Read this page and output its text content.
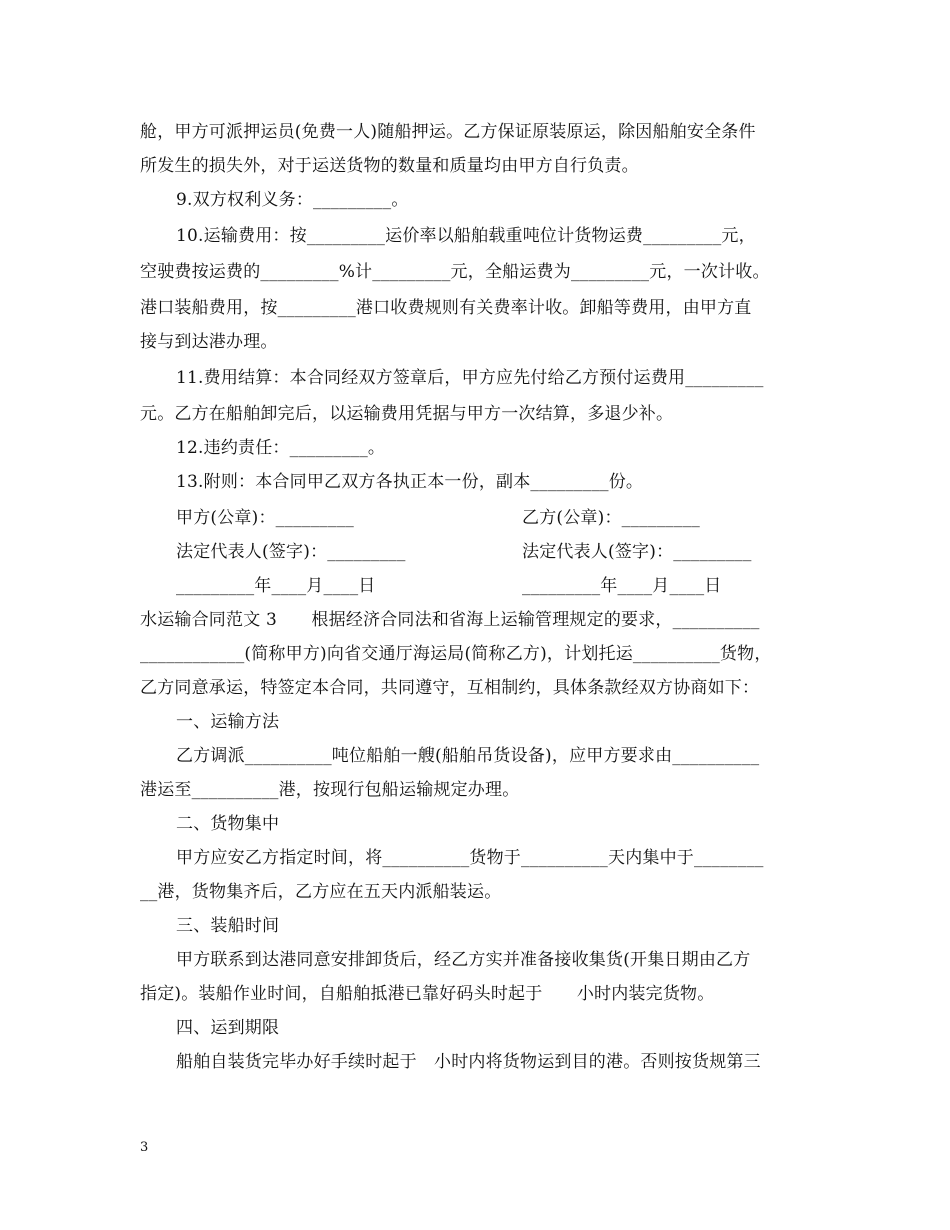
舱，甲方可派押运员(免费一人)随船押运。乙方保证原装原运，除因船舶安全条件
所发生的损失外，对于运送货物的数量和质量均由甲方自行负责。
9.双方权利义务：_________。
10.运输费用：按_________运价率以船舶载重吨位计货物运费_________元，
空驶费按运费的_________%计_________元，全船运费为_________元，一次计收。
港口装船费用，按_________港口收费规则有关费率计收。卸船等费用，由甲方直
接与到达港办理。
11.费用结算：本合同经双方签章后，甲方应先付给乙方预付运费用_________
元。乙方在船舶卸完后，以运输费用凭据与甲方一次结算，多退少补。
12.违约责任：_________。
13.附则：本合同甲乙双方各执正本一份，副本_________份。
甲方(公章)：_________	乙方(公章)：_________
法定代表人(签字)：_________	法定代表人(签字)：_________
_________年____月____日	_________年____月____日
水运输合同范文 3　　根据经济合同法和省海上运输管理规定的要求，__________
____________(简称甲方)向省交通厅海运局(简称乙方)，计划托运__________货物，
乙方同意承运，特签定本合同，共同遵守，互相制约，具体条款经双方协商如下：
一、运输方法
乙方调派__________吨位船舶一艘(船舶吊货设备)，应甲方要求由__________
港运至__________港，按现行包船运输规定办理。
二、货物集中
甲方应安乙方指定时间，将__________货物于__________天内集中于________
__港，货物集齐后，乙方应在五天内派船装运。
三、装船时间
甲方联系到达港同意安排卸货后，经乙方实并准备接收集货(开集日期由乙方
指定)。装船作业时间，自船舶抵港已靠好码头时起于　　小时内装完货物。
四、运到期限
船舶自装货完毕办好手续时起于　小时内将货物运到目的港。否则按货规第三
3
